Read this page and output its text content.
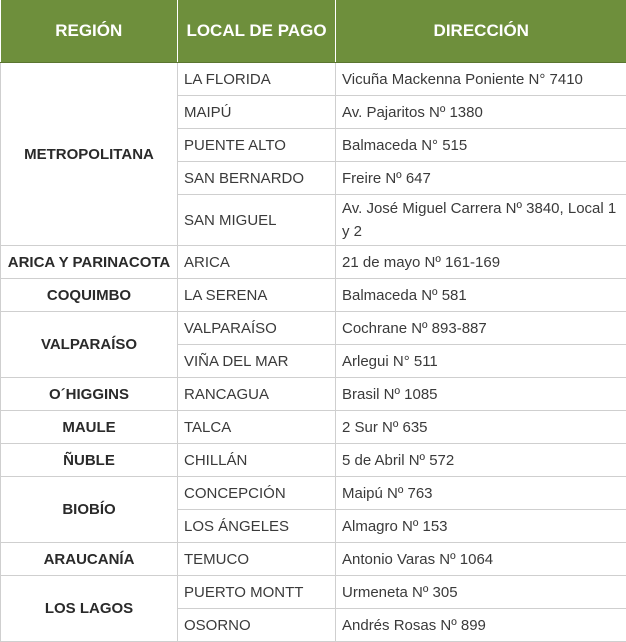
REGIÓN	LOCAL DE PAGO	DIRECCIÓN
METROPOLITANA	LA FLORIDA	Vicuña Mackenna Poniente N° 7410
	MAIPÚ	Av. Pajaritos Nº 1380
	PUENTE ALTO	Balmaceda N° 515
	SAN BERNARDO	Freire Nº 647
	SAN MIGUEL	Av. José Miguel Carrera Nº 3840, Local 1 y 2
ARICA Y PARINACOTA	ARICA	21 de mayo Nº 161-169
COQUIMBO	LA SERENA	Balmaceda Nº 581
VALPARAÍSO	VALPARAÍSO	Cochrane Nº 893-887
	VIÑA DEL MAR	Arlegui N° 511
O´HIGGINS	RANCAGUA	Brasil Nº 1085
MAULE	TALCA	2 Sur Nº 635
ÑUBLE	CHILLÁN	5 de Abril Nº 572
BIOBÍO	CONCEPCIÓN	Maipú Nº 763
	LOS ÁNGELES	Almagro Nº 153
ARAUCANÍA	TEMUCO	Antonio Varas Nº 1064
LOS LAGOS	PUERTO MONTT	Urmeneta Nº 305
	OSORNO	Andrés Rosas Nº 899
